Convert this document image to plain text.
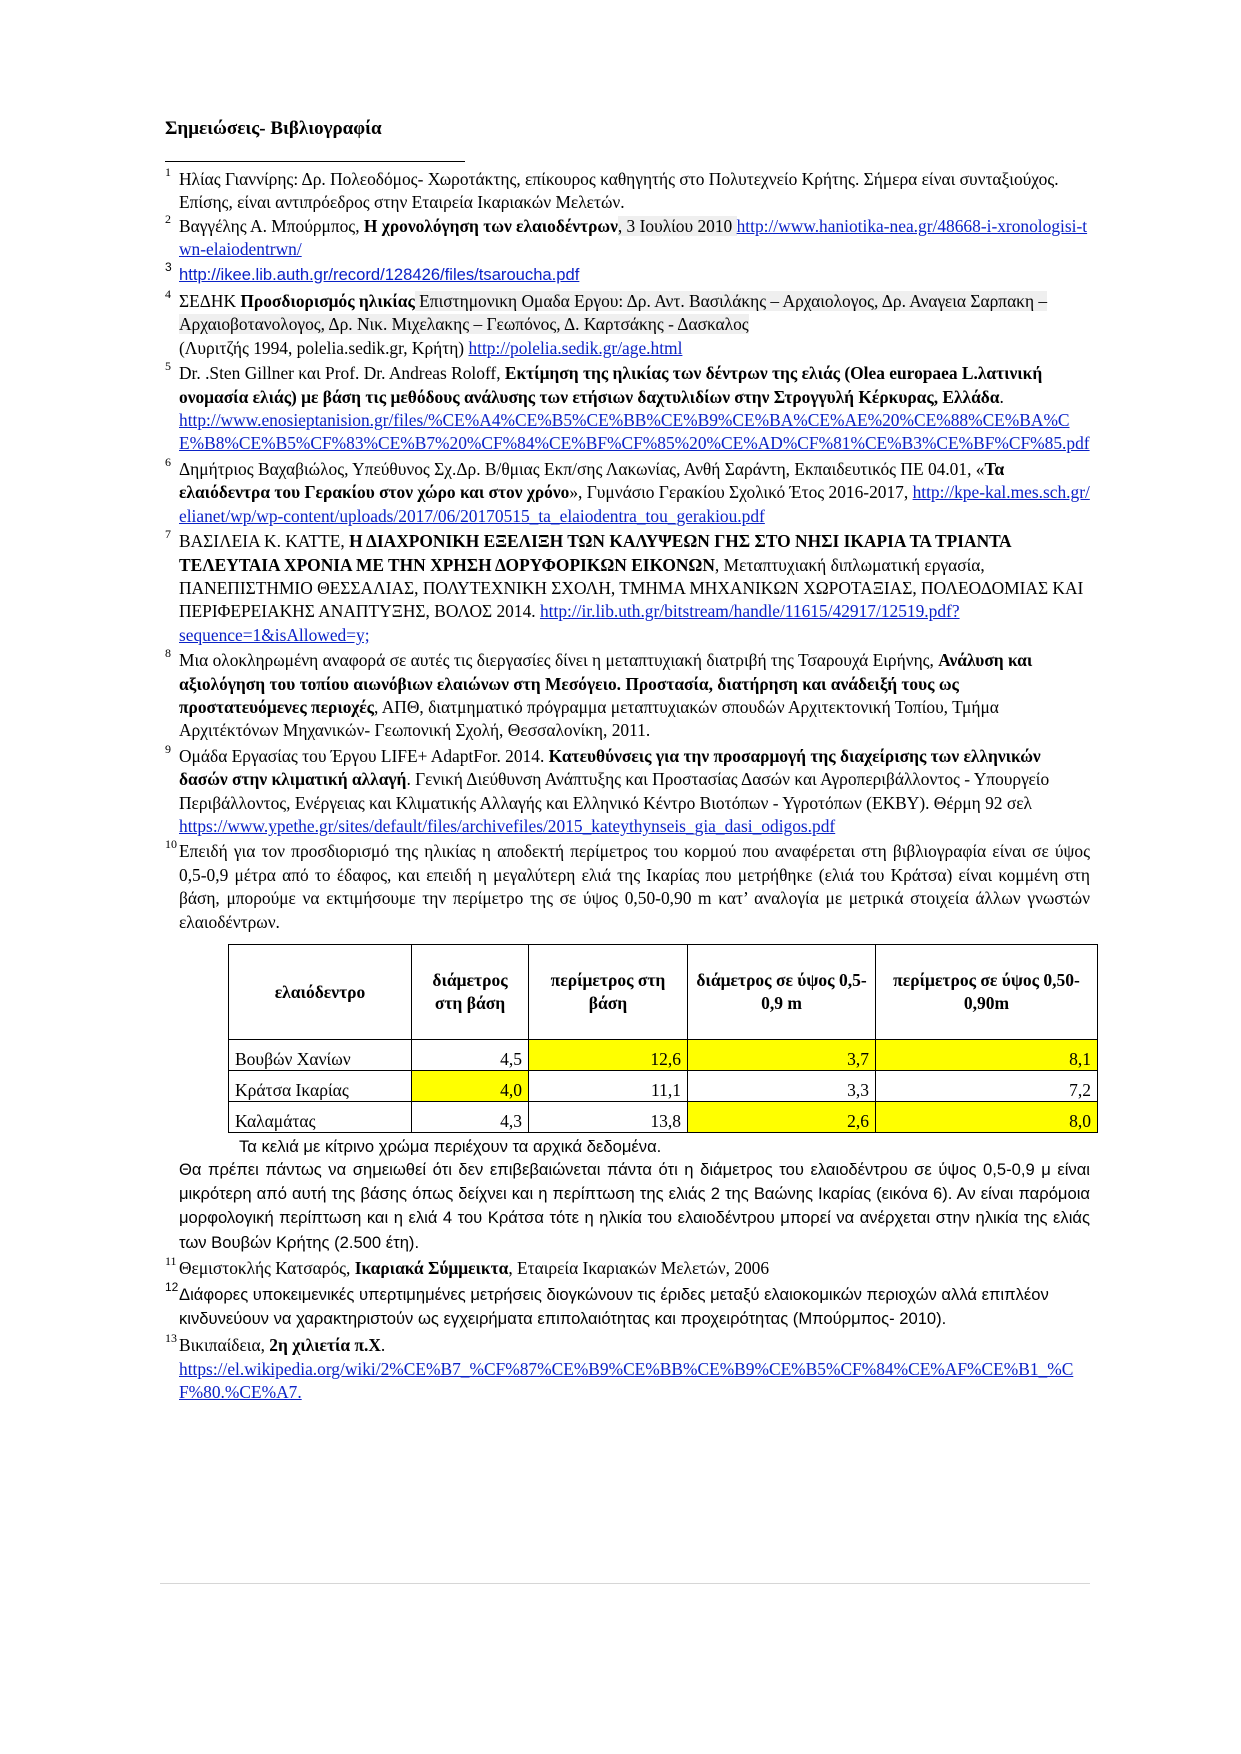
Σημειώσεις- Βιβλιογραφία
1 Ηλίας Γιαννίρης: Δρ. Πολεοδόμος- Χωροτάκτης, επίκουρος καθηγητής στο Πολυτεχνείο Κρήτης. Σήμερα είναι συνταξιούχος. Επίσης, είναι αντιπρόεδρος στην Εταιρεία Ικαριακών Μελετών.
2 Βαγγέλης Α. Μπούρμπος, Η χρονολόγηση των ελαιοδέντρων, 3 Ιουλίου 2010 http://www.haniotika-nea.gr/48668-i-xronologisi-twn-elaiodentrwn/
3 http://ikee.lib.auth.gr/record/128426/files/tsaroucha.pdf
4 ΣΕΔΗΚ Προσδιορισμός ηλικίας Επιστημονικη Ομαδα Εργου: Δρ. Αντ. Βασιλάκης – Αρχαιολογος, Δρ. Αναγεια Σαρπακη – Αρχαιοβοτανολογος, Δρ. Νικ. Μιχελακης – Γεωπόνος, Δ. Καρτσάκης - Δασκαλος
(Λυριτζής 1994, polelia.sedik.gr, Κρήτη) http://polelia.sedik.gr/age.html
5 Dr. .Sten Gillner και Prof. Dr. Andreas Roloff, Εκτίμηση της ηλικίας των δέντρων της ελιάς (Olea europaea L.λατινική ονομασία ελιάς) με βάση τις μεθόδους ανάλυσης των ετήσιων δαχτυλιδίων στην Στρογγυλή Κέρκυρας, Ελλάδα.
http://www.enosieptanision.gr/files/%CE%A4%CE%B5%CE%BB%CE%B9%CE%BA%CE%AE%20%CE%88%CE%BA%CE%B8%CE%B5%CF%83%CE%B7%20%CF%84%CE%BF%CF%85%20%CE%AD%CF%81%CE%B3%CE%BF%CF%85.pdf
6 Δημήτριος Βαχαβιώλος, Υπεύθυνος Σχ.Δρ. Β/θμιας Εκπ/σης Λακωνίας, Ανθή Σαράντη, Εκπαιδευτικός ΠΕ 04.01, «Τα ελαιόδεντρα του Γερακίου στον χώρο και στον χρόνο», Γυμνάσιο Γερακίου Σχολικό Έτος 2016-2017, http://kpe-kal.mes.sch.gr/elianet/wp/wp-content/uploads/2017/06/20170515_ta_elaiodentra_tou_gerakiou.pdf
7 ΒΑΣΙΛΕΙΑ Κ. ΚΑΤΤΕ, Η ΔΙΑΧΡΟΝΙΚΗ ΕΞΕΛΙΞΗ ΤΩΝ ΚΑΛΥΨΕΩΝ ΓΗΣ ΣΤΟ ΝΗΣΙ ΙΚΑΡΙΑ ΤΑ ΤΡΙΑΝΤΑ ΤΕΛΕΥΤΑΙΑ ΧΡΟΝΙΑ ΜΕ ΤΗΝ ΧΡΗΣΗ ΔΟΡΥΦΟΡΙΚΩΝ ΕΙΚΟΝΩΝ, Μεταπτυχιακή διπλωματική εργασία, ΠΑΝΕΠΙΣΤΗΜΙΟ ΘΕΣΣΑΛΙΑΣ, ΠΟΛΥΤΕΧΝΙΚΗ ΣΧΟΛΗ, ΤΜΗΜΑ ΜΗΧΑΝΙΚΩΝ ΧΩΡΟΤΑΞΙΑΣ, ΠΟΛΕΟΔΟΜΙΑΣ ΚΑΙ ΠΕΡΙΦΕΡΕΙΑΚΗΣ ΑΝΑΠΤΥΞΗΣ, ΒΟΛΟΣ 2014. http://ir.lib.uth.gr/bitstream/handle/11615/42917/12519.pdf?sequence=1&isAllowed=y;
8 Μια ολοκληρωμένη αναφορά σε αυτές τις διεργασίες δίνει η μεταπτυχιακή διατριβή της Τσαρουχά Ειρήνης, Ανάλυση και αξιολόγηση του τοπίου αιωνόβιων ελαιώνων στη Μεσόγειο. Προστασία, διατήρηση και ανάδειξή τους ως προστατευόμενες περιοχές, ΑΠΘ, διατμηματικό πρόγραμμα μεταπτυχιακών σπουδών Αρχιτεκτονική Τοπίου, Τμήμα Αρχιτέκτόνων Μηχανικών- Γεωπονική Σχολή, Θεσσαλονίκη, 2011.
9 Ομάδα Εργασίας του Έργου LIFE+ AdaptFor. 2014. Κατευθύνσεις για την προσαρμογή της διαχείρισης των ελληνικών δασών στην κλιματική αλλαγή. Γενική Διεύθυνση Ανάπτυξης και Προστασίας Δασών και Αγροπεριβάλλοντος - Υπουργείο Περιβάλλοντος, Ενέργειας και Κλιματικής Αλλαγής και Ελληνικό Κέντρο Βιοτόπων - Υγροτόπων (ΕΚΒΥ). Θέρμη 92 σελ
https://www.ypethe.gr/sites/default/files/archivefiles/2015_kateythynseis_gia_dasi_odigos.pdf
10 Επειδή για τον προσδιορισμό της ηλικίας η αποδεκτή περίμετρος του κορμού που αναφέρεται στη βιβλιογραφία είναι σε ύψος 0,5-0,9 μέτρα από το έδαφος, και επειδή η μεγαλύτερη ελιά της Ικαρίας που μετρήθηκε (ελιά του Κράτσα) είναι κομμένη στη βάση, μπορούμε να εκτιμήσουμε την περίμετρο της σε ύψος 0,50-0,90 m κατ’ αναλογία με μετρικά στοιχεία άλλων γνωστών ελαιοδέντρων.
ελαιόδεντρο	διάμετρος στη βάση	περίμετρος στη βάση	διάμετρος σε ύψος 0,5-0,9 m	περίμετρος σε ύψος 0,50-0,90m
Βουβών Χανίων	4,5	12,6	3,7	8,1
Κράτσα Ικαρίας	4,0	11,1	3,3	7,2
Καλαμάτας	4,3	13,8	2,6	8,0
Τα κελιά με κίτρινο χρώμα περιέχουν τα αρχικά δεδομένα.
Θα πρέπει πάντως να σημειωθεί ότι δεν επιβεβαιώνεται πάντα ότι η διάμετρος του ελαιοδέντρου σε ύψος 0,5-0,9 μ είναι μικρότερη από αυτή της βάσης όπως δείχνει και η περίπτωση της ελιάς 2 της Βαώνης Ικαρίας (εικόνα 6). Αν είναι παρόμοια μορφολογική περίπτωση και η ελιά 4 του Κράτσα τότε η ηλικία του ελαιοδέντρου μπορεί να ανέρχεται στην ηλικία της ελιάς των Βουβών Κρήτης (2.500 έτη).
11 Θεμιστοκλής Κατσαρός, Ικαριακά Σύμμεικτα, Εταιρεία Ικαριακών Μελετών, 2006
12 Διάφορες υποκειμενικές υπερτιμημένες μετρήσεις διογκώνουν τις έριδες μεταξύ ελαιοκομικών περιοχών αλλά επιπλέον κινδυνεύουν να χαρακτηριστούν ως εγχειρήματα επιπολαιότητας και προχειρότητας (Μπούρμπος- 2010).
13 Βικιπαίδεια, 2η χιλιετία π.Χ.
https://el.wikipedia.org/wiki/2%CE%B7_%CF%87%CE%B9%CE%BB%CE%B9%CE%B5%CF%84%CE%AF%CE%B1_%CF%80.%CE%A7.
